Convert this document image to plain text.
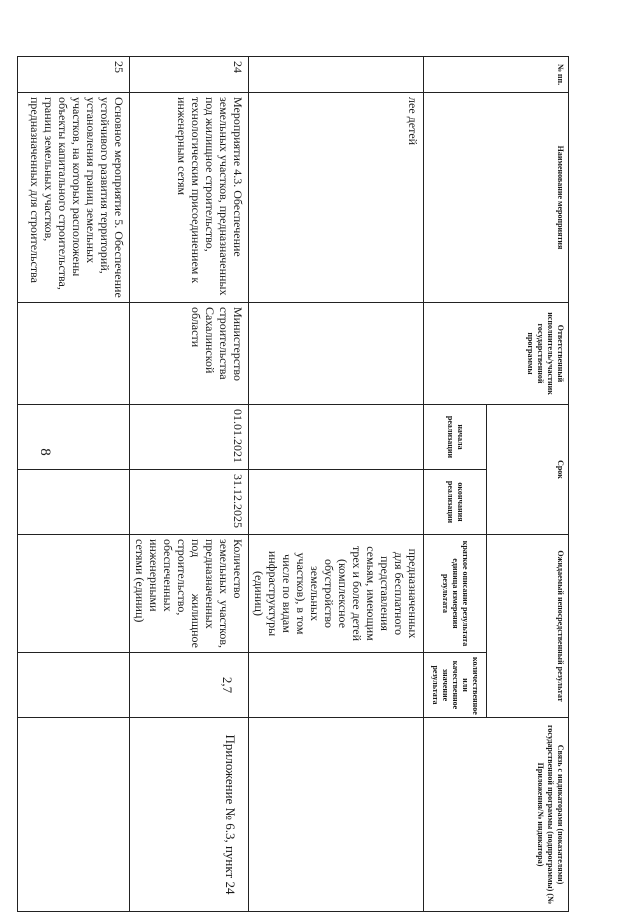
8
№ пп.	Наименование мероприятия	Ответственный исполнитель/участник государственной программы	Срок		Ожидаемый непосредственный результат		Связь с индикаторами (показателями) государственной программы (подпрограммы) (№ Приложения/№ индикатора)
			начала реализации	окончания реализации	краткое описание результата единица измерения результата	количественное или качественное значение результата	
	лее детей				предназначенных для бесплатного представления семьям, имеющим трех и более детей (комплексное обустройство земельных участков), в том числе по видам инфраструктуры (единиц)		
24	Мероприятие 4.3. Обеспечение земельных участков, предназначенных под жилищное строительство, технологическим присоединением к инженерным сетям	Министерство строительства Сахалинской области	01.01.2021	31.12.2025	Количество земельных участков, предназначенных под жилищное строительство, обеспеченных инженерными сетями (единиц)	2,7	Приложение № 6.3, пункт 24
25	Основное мероприятие 5. Обеспечение устойчивого развития территорий, установления границ земельных участков, на которых расположены объекты капитального строительства, границ земельных участков, предназначенных для строительства						
